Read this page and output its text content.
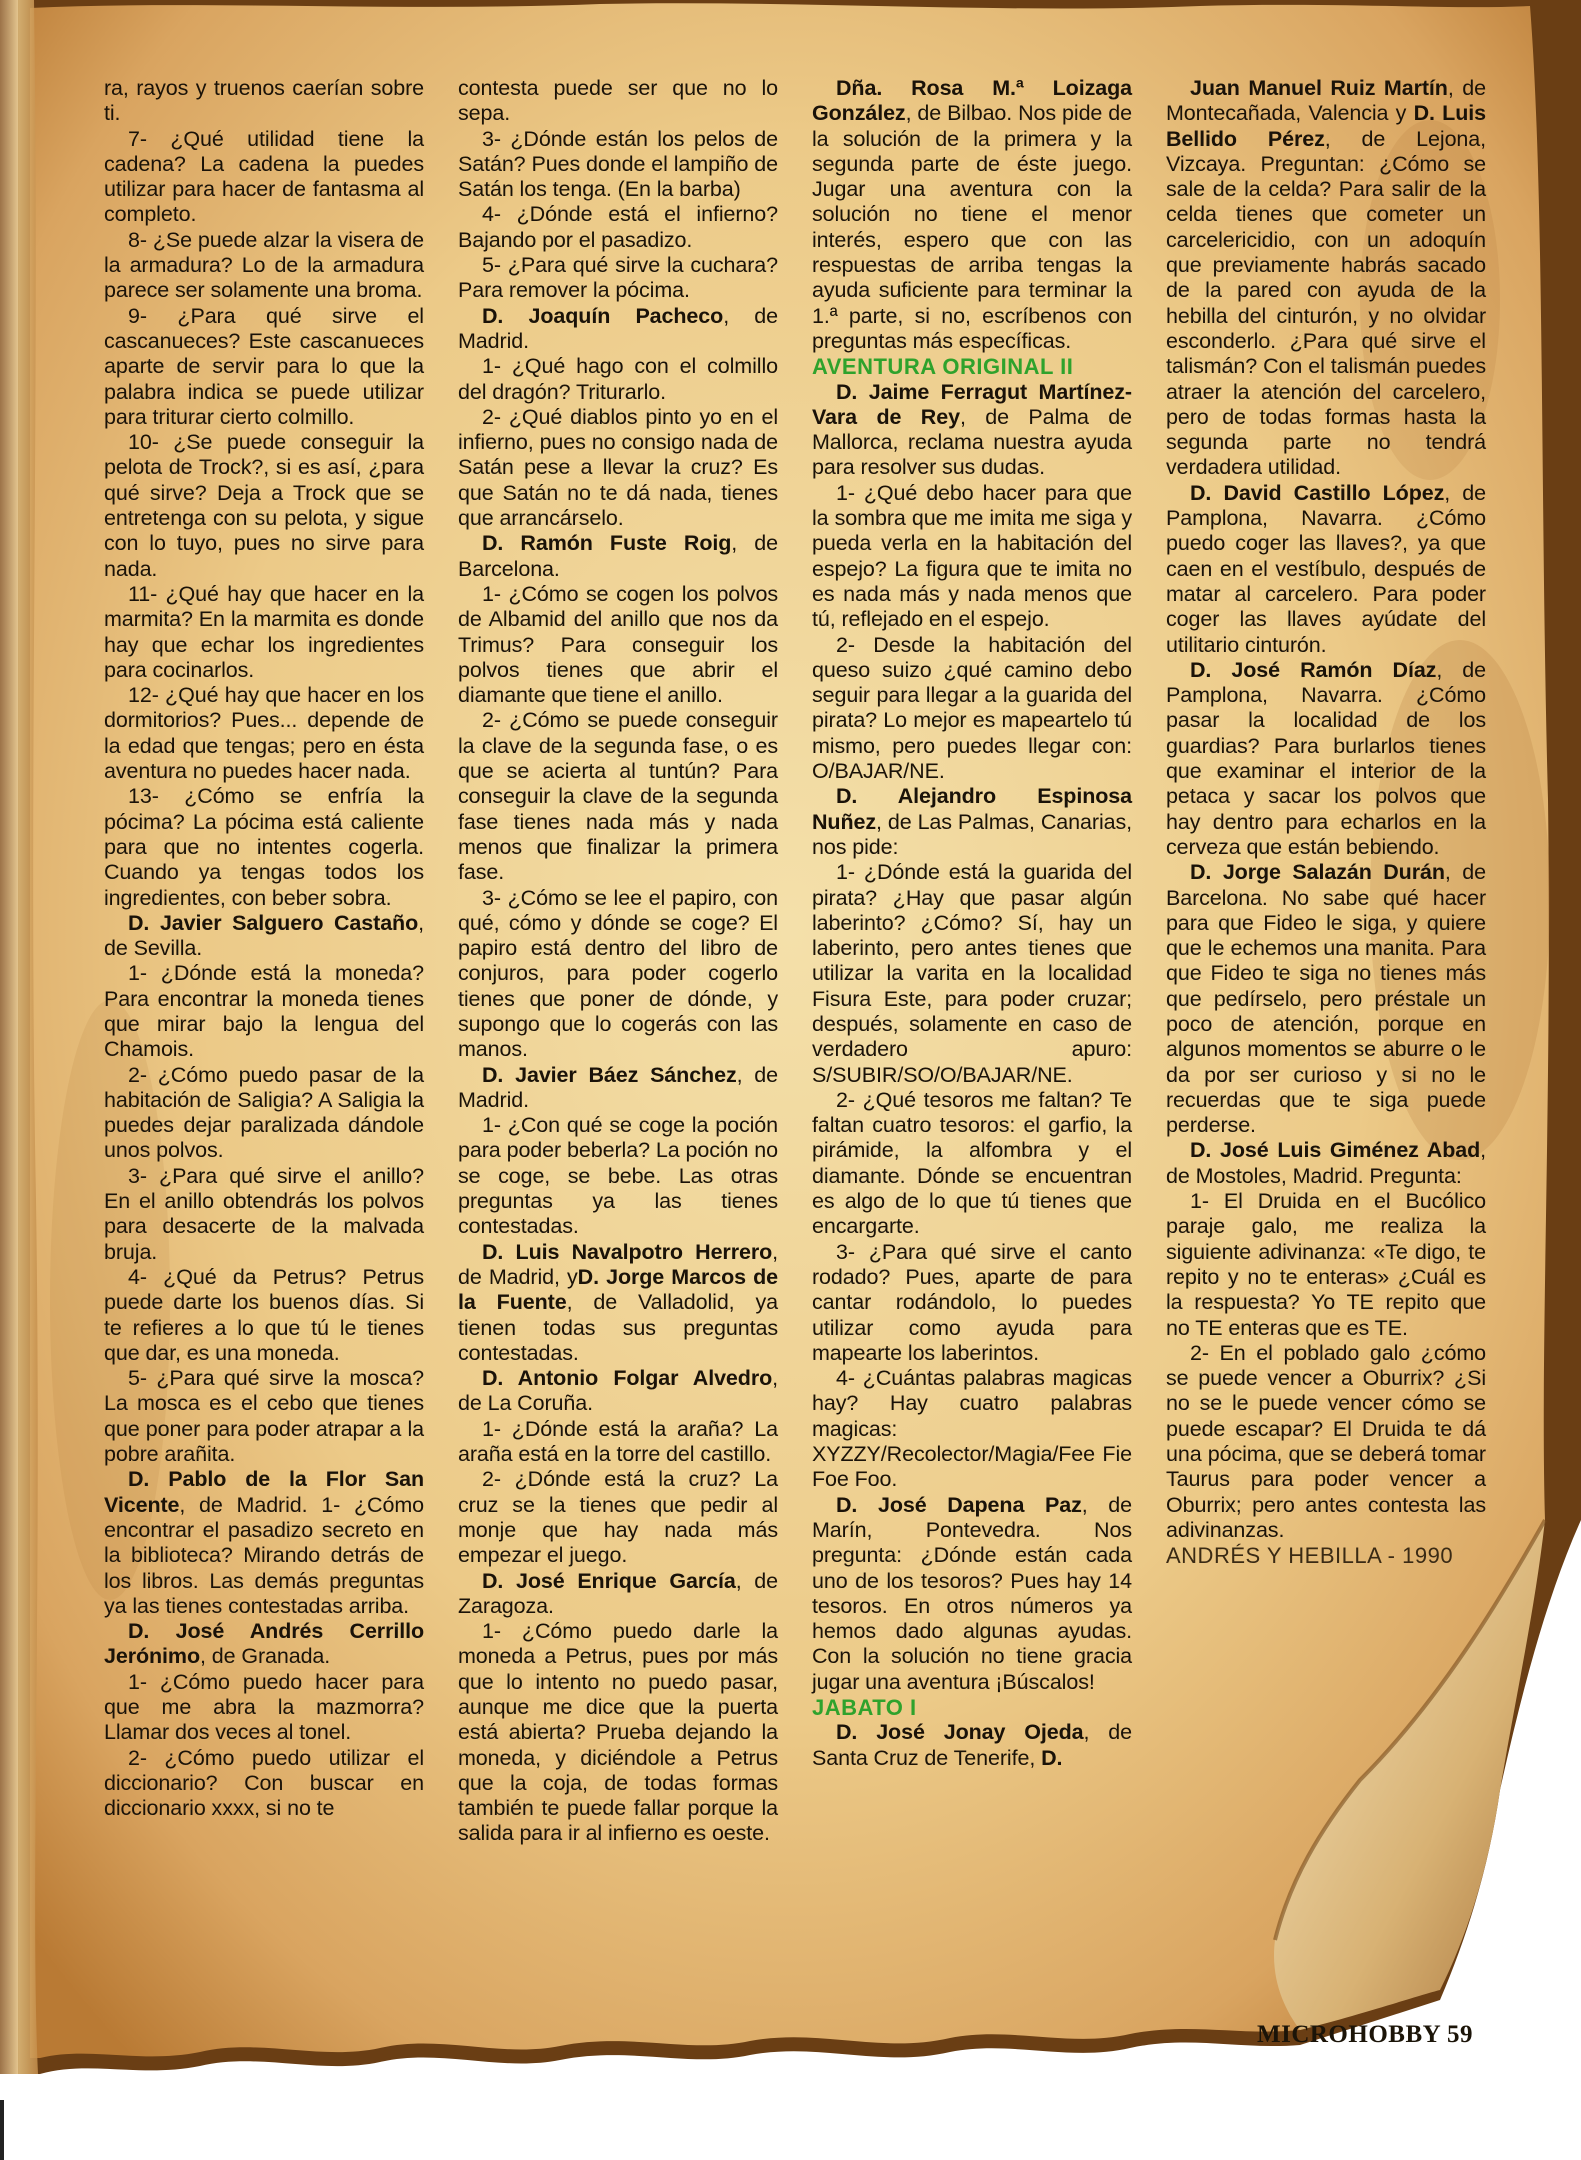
ra, rayos y truenos caerían sobre ti.

7- ¿Qué utilidad tiene la cadena? La cadena la puedes utilizar para hacer de fantasma al completo.

8- ¿Se puede alzar la visera de la armadura? Lo de la armadura parece ser solamente una broma.

9- ¿Para qué sirve el cascanueces? Este cascanueces aparte de servir para lo que la palabra indica se puede utilizar para triturar cierto colmillo.

10- ¿Se puede conseguir la pelota de Trock?, si es así, ¿para qué sirve? Deja a Trock que se entretenga con su pelota, y sigue con lo tuyo, pues no sirve para nada.

11- ¿Qué hay que hacer en la marmita? En la marmita es donde hay que echar los ingredientes para cocinarlos.

12- ¿Qué hay que hacer en los dormitorios? Pues... depende de la edad que tengas; pero en ésta aventura no puedes hacer nada.

13- ¿Cómo se enfría la pócima? La pócima está caliente para que no intentes cogerla. Cuando ya tengas todos los ingredientes, con beber sobra.

D. Javier Salguero Castaño, de Sevilla.

1- ¿Dónde está la moneda? Para encontrar la moneda tienes que mirar bajo la lengua del Chamois.

2- ¿Cómo puedo pasar de la habitación de Saligia? A Saligia la puedes dejar paralizada dándole unos polvos.

3- ¿Para qué sirve el anillo? En el anillo obtendrás los polvos para desacerte de la malvada bruja.

4- ¿Qué da Petrus? Petrus puede darte los buenos días. Si te refieres a lo que tú le tienes que dar, es una moneda.

5- ¿Para qué sirve la mosca? La mosca es el cebo que tienes que poner para poder atrapar a la pobre arañita.

D. Pablo de la Flor San Vicente, de Madrid. 1- ¿Cómo encontrar el pasadizo secreto en la biblioteca? Mirando detrás de los libros. Las demás preguntas ya las tienes contestadas arriba.

D. José Andrés Cerrillo Jerónimo, de Granada.

1- ¿Cómo puedo hacer para que me abra la mazmorra? Llamar dos veces al tonel.

2- ¿Cómo puedo utilizar el diccionario? Con buscar en diccionario xxxx, si no te

contesta puede ser que no lo sepa.

3- ¿Dónde están los pelos de Satán? Pues donde el lampiño de Satán los tenga. (En la barba)

4- ¿Dónde está el infierno? Bajando por el pasadizo.

5- ¿Para qué sirve la cuchara? Para remover la pócima.

D. Joaquín Pacheco, de Madrid.

1- ¿Qué hago con el colmillo del dragón? Triturarlo.

2- ¿Qué diablos pinto yo en el infierno, pues no consigo nada de Satán pese a llevar la cruz? Es que Satán no te dá nada, tienes que arrancárselo.

D. Ramón Fuste Roig, de Barcelona.

1- ¿Cómo se cogen los polvos de Albamid del anillo que nos da Trimus? Para conseguir los polvos tienes que abrir el diamante que tiene el anillo.

2- ¿Cómo se puede conseguir la clave de la segunda fase, o es que se acierta al tuntún? Para conseguir la clave de la segunda fase tienes nada más y nada menos que finalizar la primera fase.

3- ¿Cómo se lee el papiro, con qué, cómo y dónde se coge? El papiro está dentro del libro de conjuros, para poder cogerlo tienes que poner de dónde, y supongo que lo cogerás con las manos.

D. Javier Báez Sánchez, de Madrid.

1- ¿Con qué se coge la poción para poder beberla? La poción no se coge, se bebe. Las otras preguntas ya las tienes contestadas.

D. Luis Navalpotro Herrero, de Madrid, yD. Jorge Marcos de la Fuente, de Valladolid, ya tienen todas sus preguntas contestadas.

D. Antonio Folgar Alvedro, de La Coruña.

1- ¿Dónde está la araña? La araña está en la torre del castillo.

2- ¿Dónde está la cruz? La cruz se la tienes que pedir al monje que hay nada más empezar el juego.

D. José Enrique García, de Zaragoza.

1- ¿Cómo puedo darle la moneda a Petrus, pues por más que lo intento no puedo pasar, aunque me dice que la puerta está abierta? Prueba dejando la moneda, y diciéndole a Petrus que la coja, de todas formas también te puede fallar porque la salida para ir al infierno es oeste.

Dña. Rosa M.ª Loizaga González, de Bilbao. Nos pide de la solución de la primera y la segunda parte de éste juego. Jugar una aventura con la solución no tiene el menor interés, espero que con las respuestas de arriba tengas la ayuda suficiente para terminar la 1.ª parte, si no, escríbenos con preguntas más específicas.

AVENTURA ORIGINAL II

D. Jaime Ferragut Martínez-Vara de Rey, de Palma de Mallorca, reclama nuestra ayuda para resolver sus dudas.

1- ¿Qué debo hacer para que la sombra que me imita me siga y pueda verla en la habitación del espejo? La figura que te imita no es nada más y nada menos que tú, reflejado en el espejo.

2- Desde la habitación del queso suizo ¿qué camino debo seguir para llegar a la guarida del pirata? Lo mejor es mapeartelo tú mismo, pero puedes llegar con: O/BAJAR/NE.

D. Alejandro Espinosa Nuñez, de Las Palmas, Canarias, nos pide:

1- ¿Dónde está la guarida del pirata? ¿Hay que pasar algún laberinto? ¿Cómo? Sí, hay un laberinto, pero antes tienes que utilizar la varita en la localidad Fisura Este, para poder cruzar; después, solamente en caso de verdadero apuro: S/SUBIR/SO/O/BAJAR/NE.

2- ¿Qué tesoros me faltan? Te faltan cuatro tesoros: el garfio, la pirámide, la alfombra y el diamante. Dónde se encuentran es algo de lo que tú tienes que encargarte.

3- ¿Para qué sirve el canto rodado? Pues, aparte de para cantar rodándolo, lo puedes utilizar como ayuda para mapearte los laberintos.

4- ¿Cuántas palabras magicas hay? Hay cuatro palabras magicas: XYZZY/Recolector/Magia/Fee Fie Foe Foo.

D. José Dapena Paz, de Marín, Pontevedra. Nos pregunta: ¿Dónde están cada uno de los tesoros? Pues hay 14 tesoros. En otros números ya hemos dado algunas ayudas. Con la solución no tiene gracia jugar una aventura ¡Búscalos!

JABATO I

D. José Jonay Ojeda, de Santa Cruz de Tenerife, D.

Juan Manuel Ruiz Martín, de Montecañada, Valencia y D. Luis Bellido Pérez, de Lejona, Vizcaya. Preguntan: ¿Cómo se sale de la celda? Para salir de la celda tienes que cometer un carcelericidio, con un adoquín que previamente habrás sacado de la pared con ayuda de la hebilla del cinturón, y no olvidar esconderlo. ¿Para qué sirve el talismán? Con el talismán puedes atraer la atención del carcelero, pero de todas formas hasta la segunda parte no tendrá verdadera utilidad.

D. David Castillo López, de Pamplona, Navarra. ¿Cómo puedo coger las llaves?, ya que caen en el vestíbulo, después de matar al carcelero. Para poder coger las llaves ayúdate del utilitario cinturón.

D. José Ramón Díaz, de Pamplona, Navarra. ¿Cómo pasar la localidad de los guardias? Para burlarlos tienes que examinar el interior de la petaca y sacar los polvos que hay dentro para echarlos en la cerveza que están bebiendo.

D. Jorge Salazán Durán, de Barcelona. No sabe qué hacer para que Fideo le siga, y quiere que le echemos una manita. Para que Fideo te siga no tienes más que pedírselo, pero préstale un poco de atención, porque en algunos momentos se aburre o le da por ser curioso y si no le recuerdas que te siga puede perderse.

D. José Luis Giménez Abad, de Mostoles, Madrid. Pregunta:

1- El Druida en el Bucólico paraje galo, me realiza la siguiente adivinanza: «Te digo, te repito y no te enteras» ¿Cuál es la respuesta? Yo TE repito que no TE enteras que es TE.

2- En el poblado galo ¿cómo se puede vencer a Oburrix? ¿Si no se le puede vencer cómo se puede escapar? El Druida te dá una pócima, que se deberá tomar Taurus para poder vencer a Oburrix; pero antes contesta las adivinanzas.

ANDRÉS Y HEBILLA - 1990

MICROHOBBY 59
